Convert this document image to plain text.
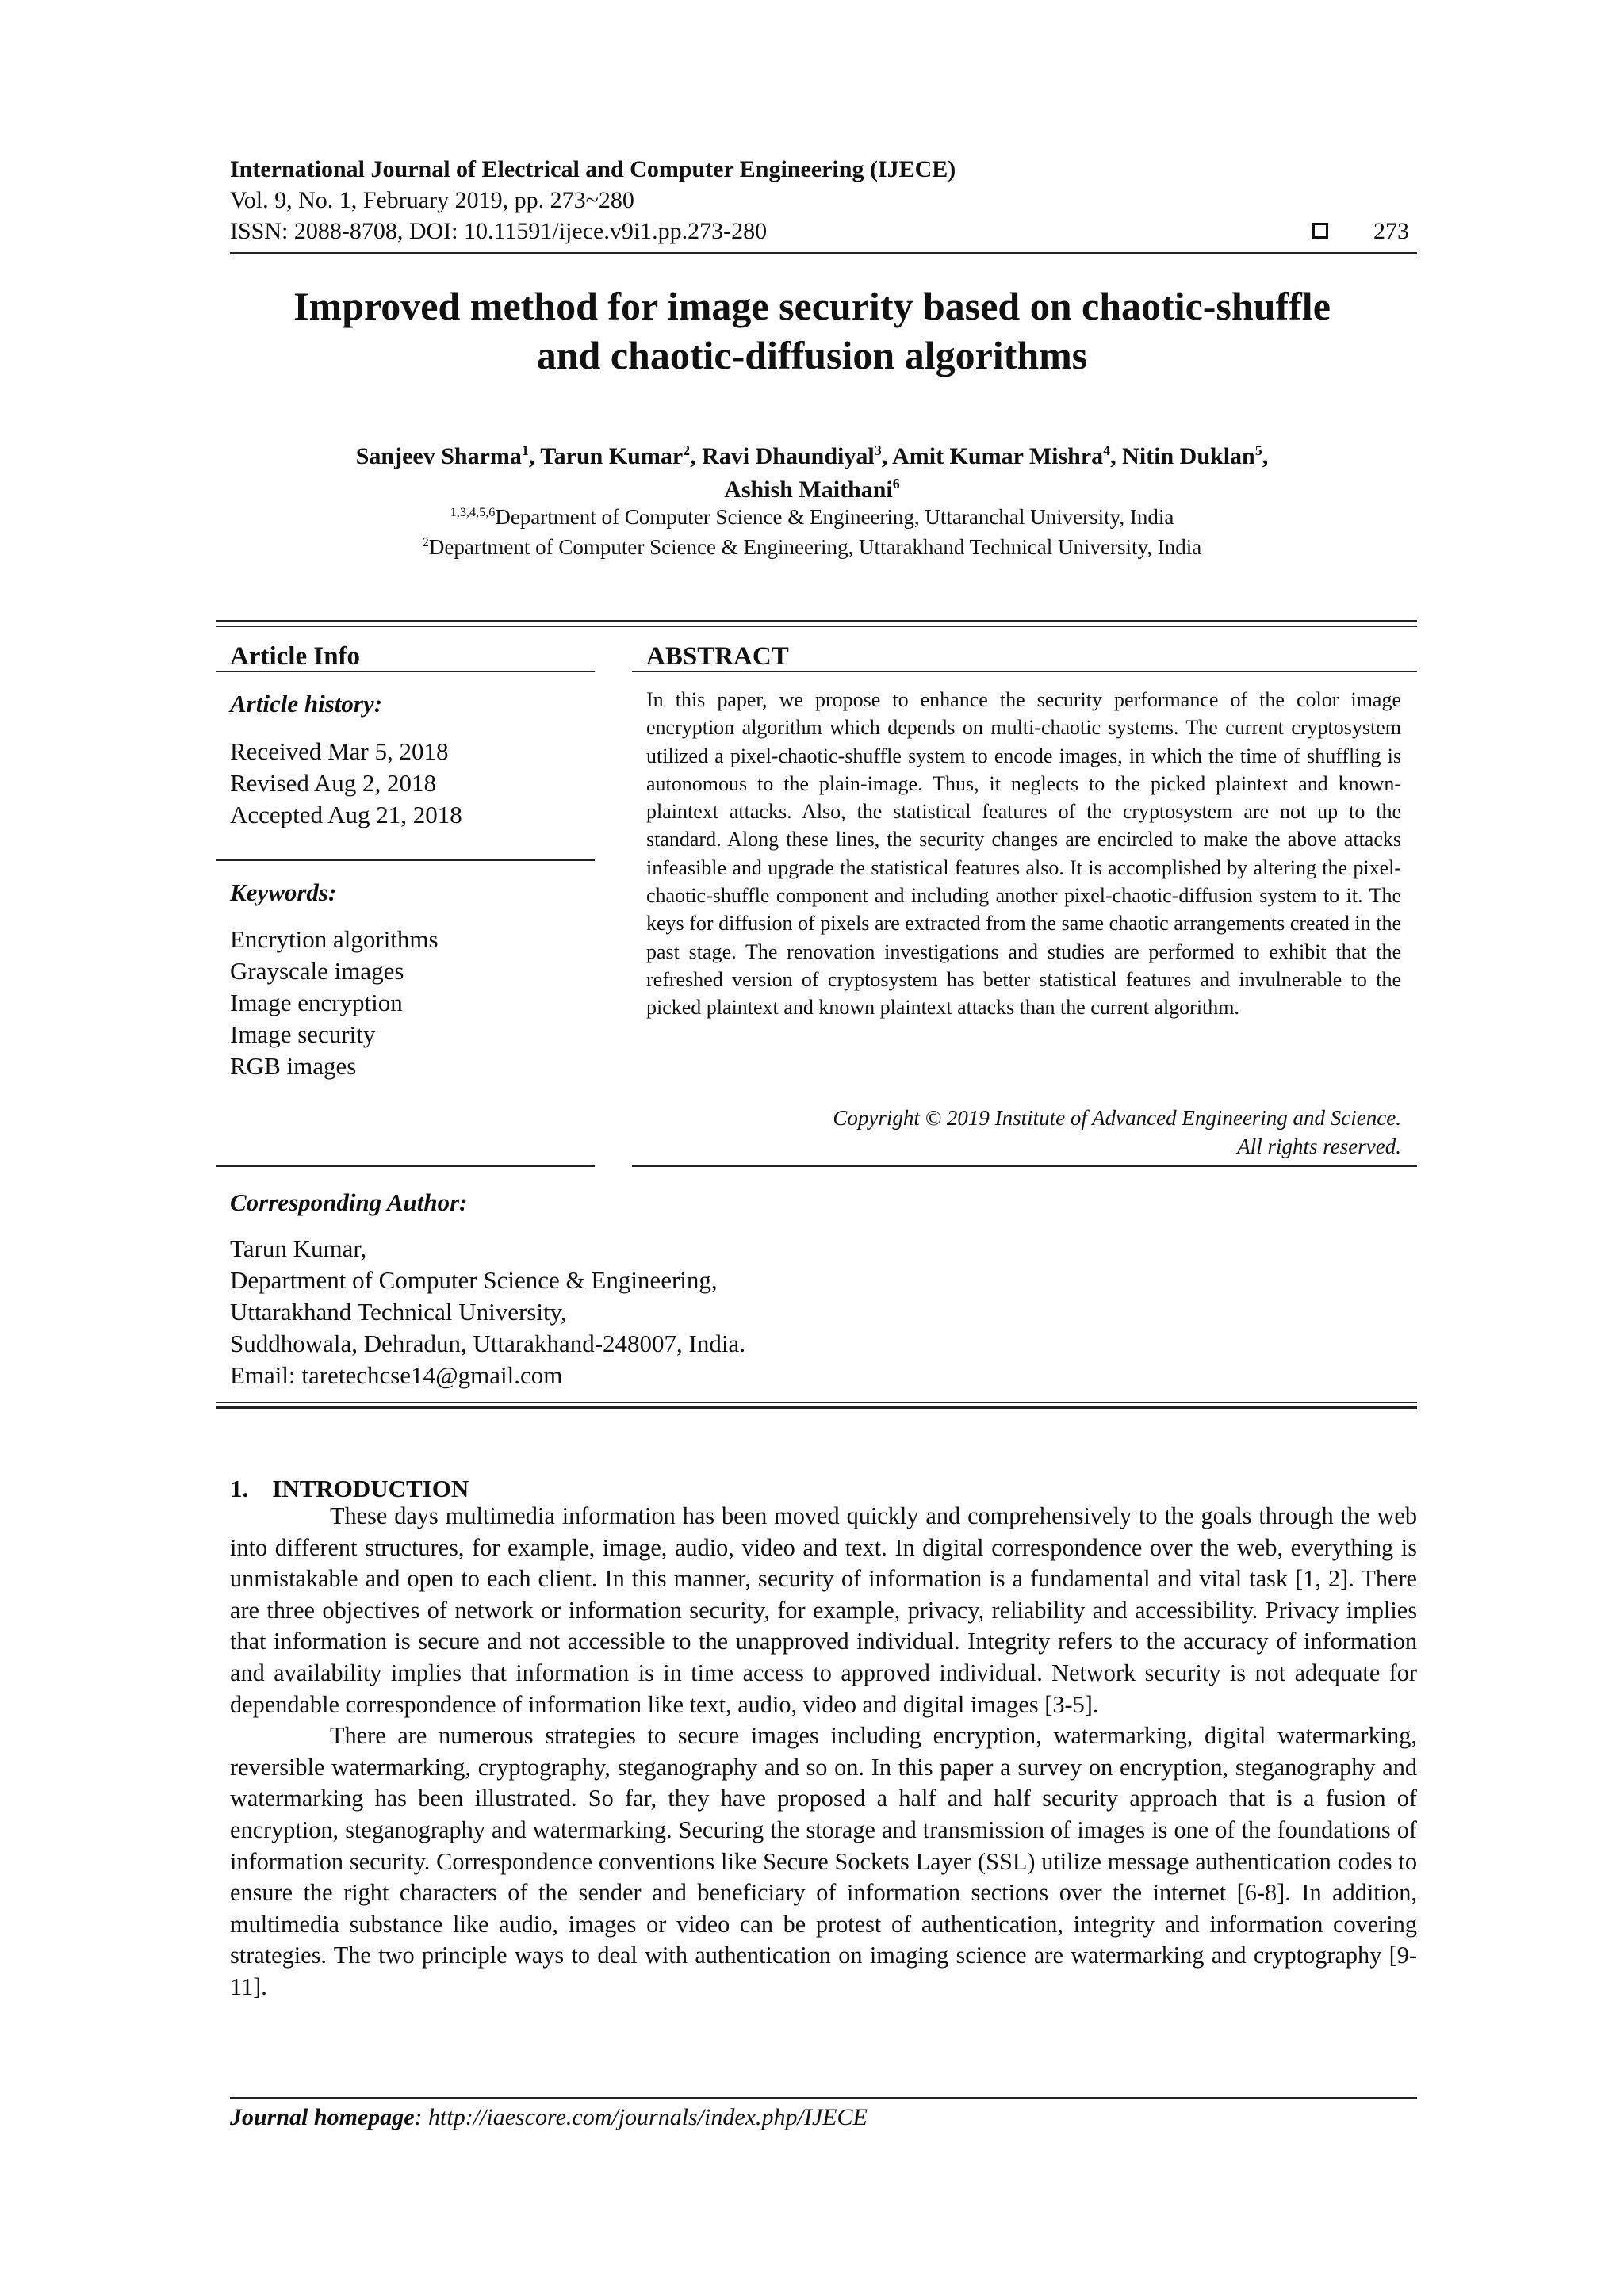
International Journal of Electrical and Computer Engineering (IJECE)
Vol. 9, No. 1, February 2019, pp. 273~280
ISSN: 2088-8708, DOI: 10.11591/ijece.v9i1.pp.273-280	273
Improved method for image security based on chaotic-shuffle
and chaotic-diffusion algorithms
Sanjeev Sharma$^1$, Tarun Kumar$^2$, Ravi Dhaundiyal$^3$, Amit Kumar Mishra$^4$, Nitin Duklan$^5$,
Ashish Maithani$^6$
$^{1,3,4,5,6}$Department of Computer Science & Engineering, Uttaranchal University, India
$^2$Department of Computer Science & Engineering, Uttarakhand Technical University, India
Article Info
Article history:
Received Mar 5, 2018
Revised Aug 2, 2018
Accepted Aug 21, 2018
Keywords:
Encrytion algorithms
Grayscale images
Image encryption
Image security
RGB images
ABSTRACT
In this paper, we propose to enhance the security performance of the color image encryption algorithm which depends on multi-chaotic systems. The current cryptosystem utilized a pixel-chaotic-shuffle system to encode images, in which the time of shuffling is autonomous to the plain-image. Thus, it neglects to the picked plaintext and known-plaintext attacks. Also, the statistical features of the cryptosystem are not up to the standard. Along these lines, the security changes are encircled to make the above attacks infeasible and upgrade the statistical features also. It is accomplished by altering the pixel-chaotic-shuffle component and including another pixel-chaotic-diffusion system to it. The keys for diffusion of pixels are extracted from the same chaotic arrangements created in the past stage. The renovation investigations and studies are performed to exhibit that the refreshed version of cryptosystem has better statistical features and invulnerable to the picked plaintext and known plaintext attacks than the current algorithm.
Copyright © 2019 Institute of Advanced Engineering and Science.
All rights reserved.
Corresponding Author:
Tarun Kumar,
Department of Computer Science & Engineering,
Uttarakhand Technical University,
Suddhowala, Dehradun, Uttarakhand-248007, India.
Email: taretechcse14@gmail.com
1. INTRODUCTION

These days multimedia information has been moved quickly and comprehensively to the goals through the web into different structures, for example, image, audio, video and text. In digital correspondence over the web, everything is unmistakable and open to each client. In this manner, security of information is a fundamental and vital task [1, 2]. There are three objectives of network or information security, for example, privacy, reliability and accessibility. Privacy implies that information is secure and not accessible to the unapproved individual. Integrity refers to the accuracy of information and availability implies that information is in time access to approved individual. Network security is not adequate for dependable correspondence of information like text, audio, video and digital images [3-5].

There are numerous strategies to secure images including encryption, watermarking, digital watermarking, reversible watermarking, cryptography, steganography and so on. In this paper a survey on encryption, steganography and watermarking has been illustrated. So far, they have proposed a half and half security approach that is a fusion of encryption, steganography and watermarking. Securing the storage and transmission of images is one of the foundations of information security. Correspondence conventions like Secure Sockets Layer (SSL) utilize message authentication codes to ensure the right characters of the sender and beneficiary of information sections over the internet [6-8]. In addition, multimedia substance like audio, images or video can be protest of authentication, integrity and information covering strategies. The two principle ways to deal with authentication on imaging science are watermarking and cryptography [9-11].

Journal homepage: http://iaescore.com/journals/index.php/IJECE
